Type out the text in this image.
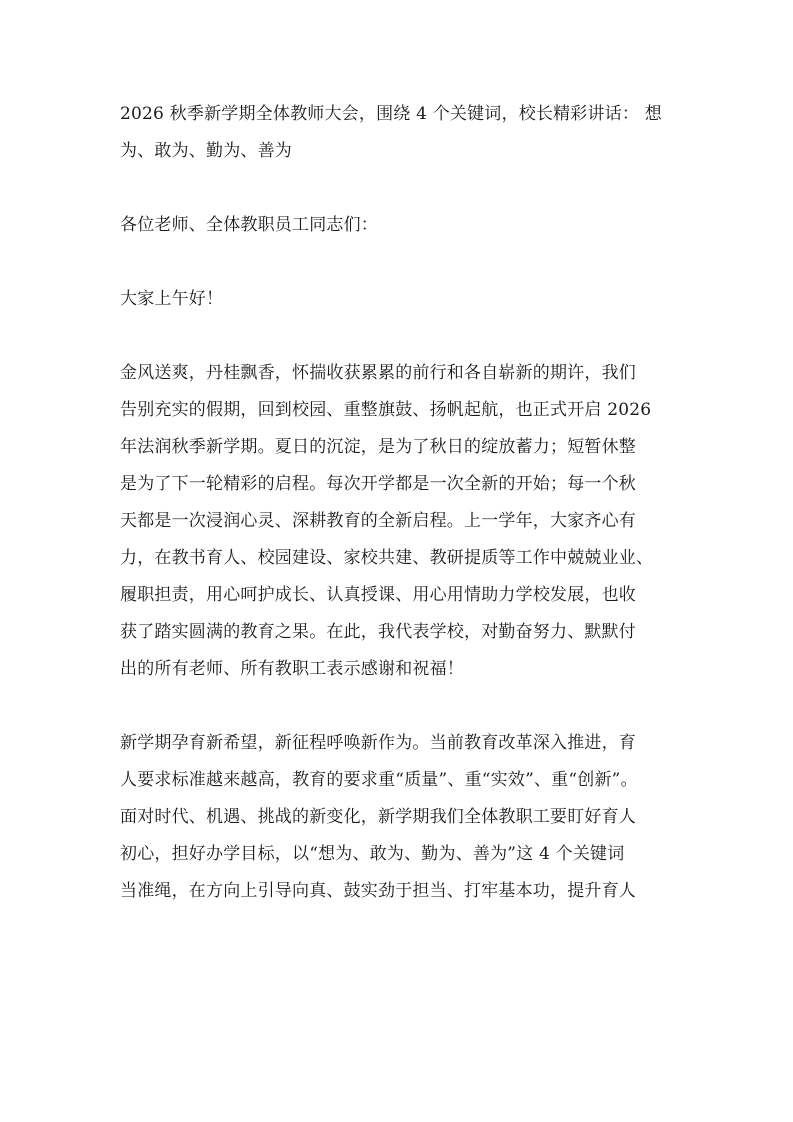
2026 秋季新学期全体教师大会，围绕 4 个关键词，校长精彩讲话： 想
为、敢为、勤为、善为

各位老师、全体教职员工同志们：

大家上午好！

金风送爽，丹桂飘香，怀揣收获累累的前行和各自崭新的期许，我们
告别充实的假期，回到校园、重整旗鼓、扬帆起航，也正式开启 2026
年法润秋季新学期。夏日的沉淀，是为了秋日的绽放蓄力；短暂休整
是为了下一轮精彩的启程。每次开学都是一次全新的开始；每一个秋
天都是一次浸润心灵、深耕教育的全新启程。上一学年，大家齐心有
力，在教书育人、校园建设、家校共建、教研提质等工作中兢兢业业、
履职担责，用心呵护成长、认真授课、用心用情助力学校发展，也收
获了踏实圆满的教育之果。在此，我代表学校，对勤奋努力、默默付
出的所有老师、所有教职工表示感谢和祝福！

新学期孕育新希望，新征程呼唤新作为。当前教育改革深入推进，育
人要求标准越来越高，教育的要求重“质量”、重“实效”、重“创新”。
面对时代、机遇、挑战的新变化，新学期我们全体教职工要盯好育人
初心，担好办学目标，以“想为、敢为、勤为、善为”这 4 个关键词
当准绳，在方向上引导向真、鼓实劲于担当、打牢基本功，提升育人
